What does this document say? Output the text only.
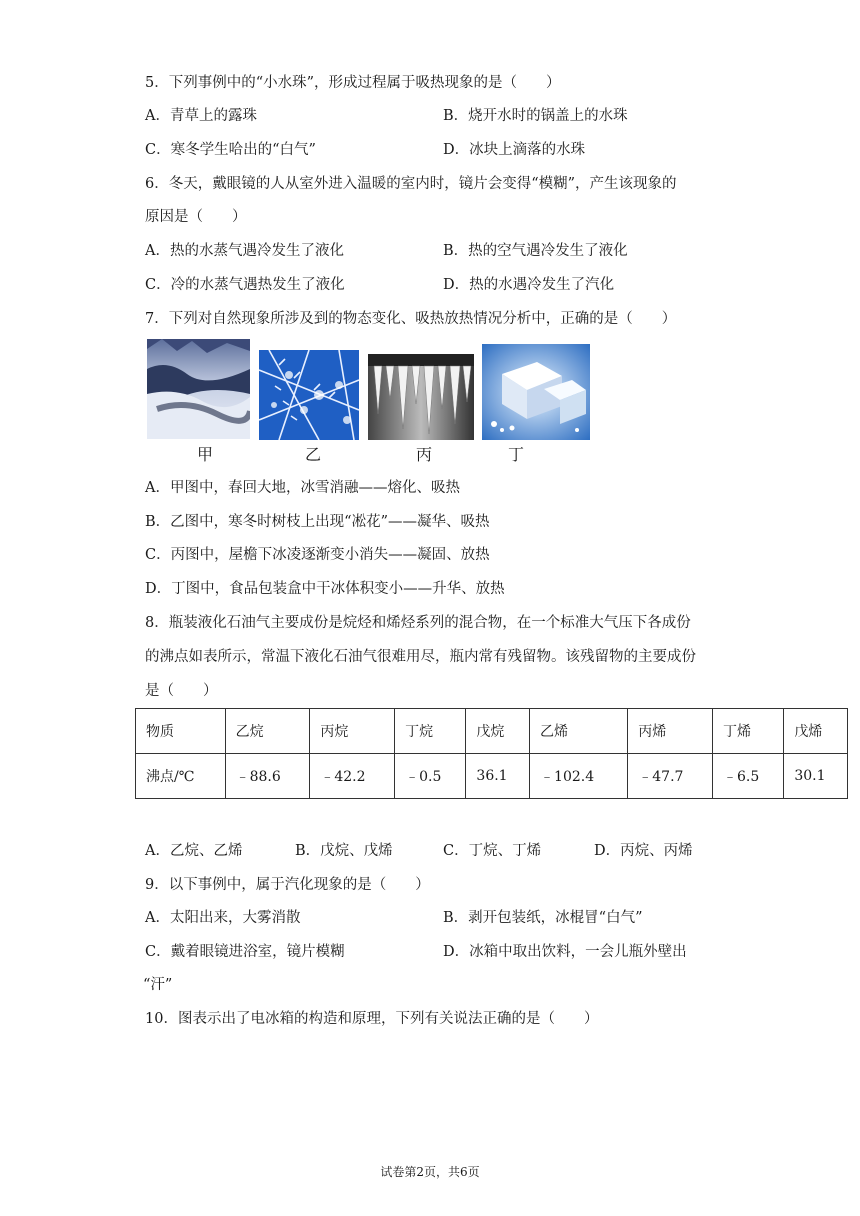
5．下列事例中的“小水珠”，形成过程属于吸热现象的是（　　）
A．青草上的露珠	B．烧开水时的锅盖上的水珠
C．寒冬学生哈出的“白气”	D．冰块上滴落的水珠
6．冬天，戴眼镜的人从室外进入温暖的室内时，镜片会变得“模糊”，产生该现象的
原因是（　　）
A．热的水蒸气遇冷发生了液化	B．热的空气遇冷发生了液化
C．冷的水蒸气遇热发生了液化	D．热的水遇冷发生了汽化
7．下列对自然现象所涉及到的物态变化、吸热放热情况分析中，正确的是（　　）
甲	乙	丙	丁
A．甲图中，春回大地，冰雪消融——熔化、吸热
B．乙图中，寒冬时树枝上出现“凇花”——凝华、吸热
C．丙图中，屋檐下冰凌逐渐变小消失——凝固、放热
D．丁图中，食品包装盒中干冰体积变小——升华、放热
8．瓶装液化石油气主要成份是烷烃和烯烃系列的混合物，在一个标准大气压下各成份
的沸点如表所示，常温下液化石油气很难用尽，瓶内常有残留物。该残留物的主要成份
是（　　）
物质	乙烷	丙烷	丁烷	戊烷	乙烯	丙烯	丁烯	戊烯
沸点/℃	﹣88.6	﹣42.2	﹣0.5	36.1	﹣102.4	﹣47.7	﹣6.5	30.1
A．乙烷、乙烯	B．戊烷、戊烯	C．丁烷、丁烯	D．丙烷、丙烯
9．以下事例中，属于汽化现象的是（　　）
A．太阳出来，大雾消散	B．剥开包装纸，冰棍冒“白气”
C．戴着眼镜进浴室，镜片模糊	D．冰箱中取出饮料，一会儿瓶外壁出
“汗”
10．图表示出了电冰箱的构造和原理，下列有关说法正确的是（　　）
试卷第2页，共6页
